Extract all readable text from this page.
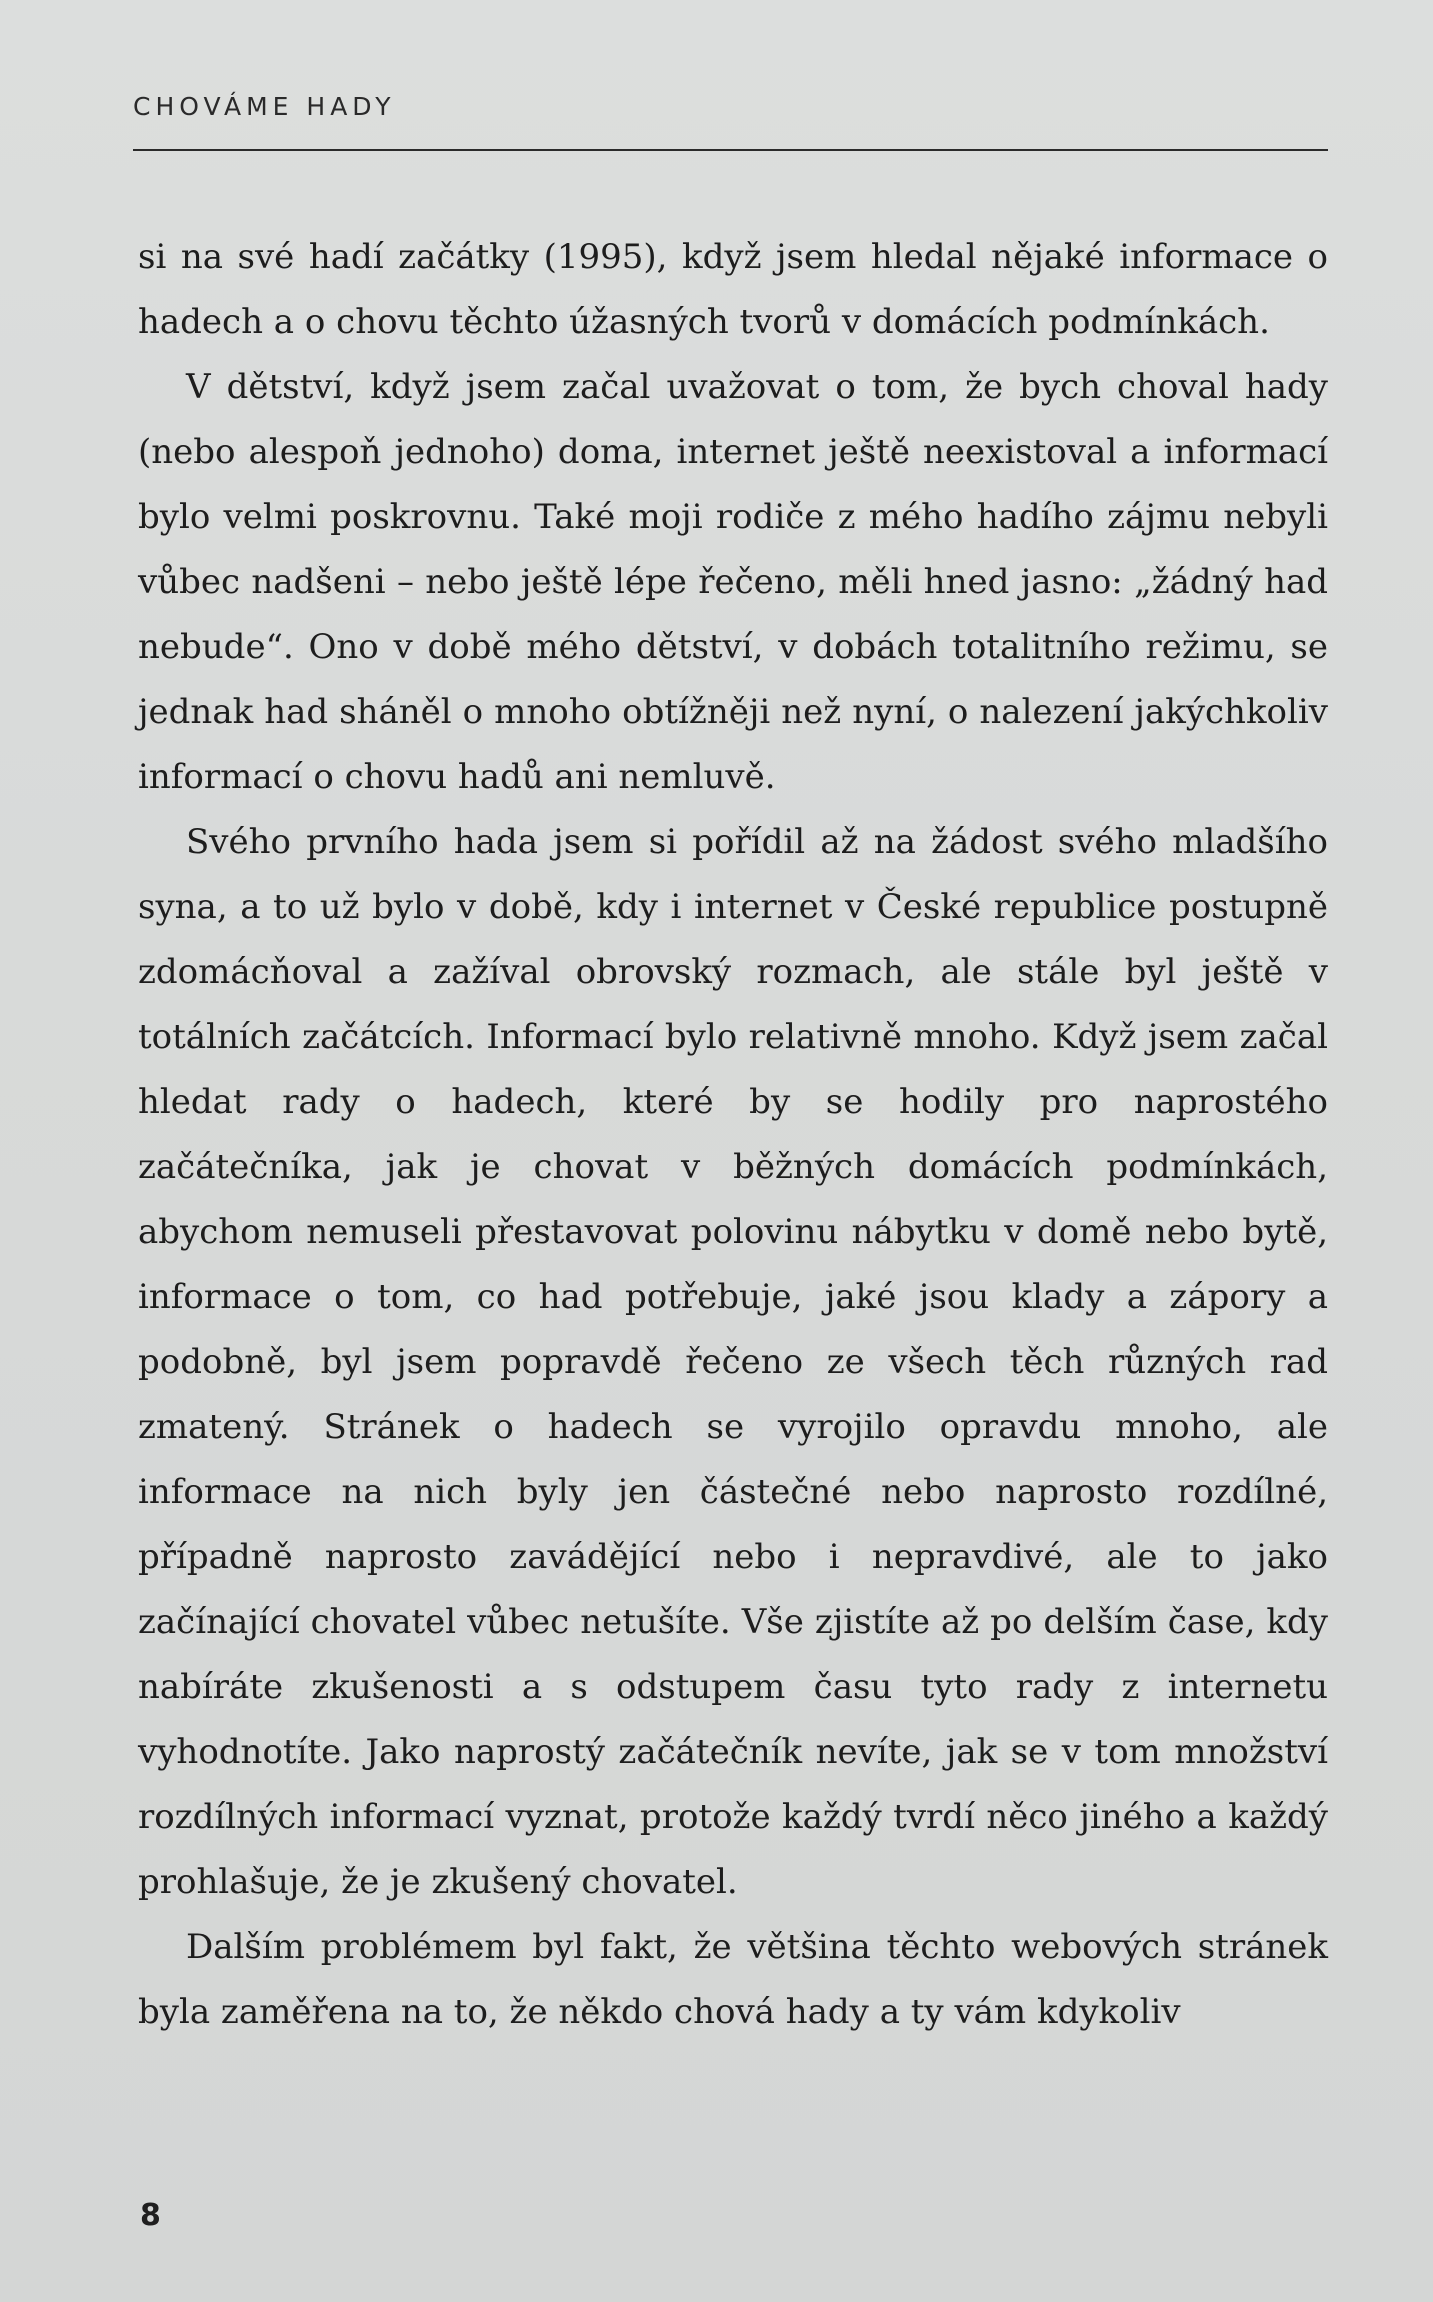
CHOVÁME HADY

si na své hadí začátky (1995), když jsem hledal nějaké informace o hadech a o chovu těchto úžasných tvorů v domácích podmínkách.

V dětství, když jsem začal uvažovat o tom, že bych choval hady (nebo alespoň jednoho) doma, internet ještě neexistoval a informací bylo velmi poskrovnu. Také moji rodiče z mého hadího zájmu nebyli vůbec nadšeni – nebo ještě lépe řečeno, měli hned jasno: „žádný had nebude“. Ono v době mého dětství, v dobách totalitního režimu, se jednak had sháněl o mnoho obtížněji než nyní, o nalezení jakýchkoliv informací o chovu hadů ani nemluvě.

Svého prvního hada jsem si pořídil až na žádost svého mladšího syna, a to už bylo v době, kdy i internet v České republice postupně zdomácňoval a zažíval obrovský rozmach, ale stále byl ještě v totálních začátcích. Informací bylo relativně mnoho. Když jsem začal hledat rady o hadech, které by se hodily pro naprostého začátečníka, jak je chovat v běžných domácích podmínkách, abychom nemuseli přestavovat polovinu nábytku v domě nebo bytě, informace o tom, co had potřebuje, jaké jsou klady a zápory a podobně, byl jsem popravdě řečeno ze všech těch různých rad zmatený. Stránek o hadech se vyrojilo opravdu mnoho, ale informace na nich byly jen částečné nebo naprosto rozdílné, případně naprosto zavádějící nebo i nepravdivé, ale to jako začínající chovatel vůbec netušíte. Vše zjistíte až po delším čase, kdy nabíráte zkušenosti a s odstupem času tyto rady z internetu vyhodnotíte. Jako naprostý začátečník nevíte, jak se v tom množství rozdílných informací vyznat, protože každý tvrdí něco jiného a každý prohlašuje, že je zkušený chovatel.

Dalším problémem byl fakt, že většina těchto webových stránek byla zaměřena na to, že někdo chová hady a ty vám kdykoliv

8
